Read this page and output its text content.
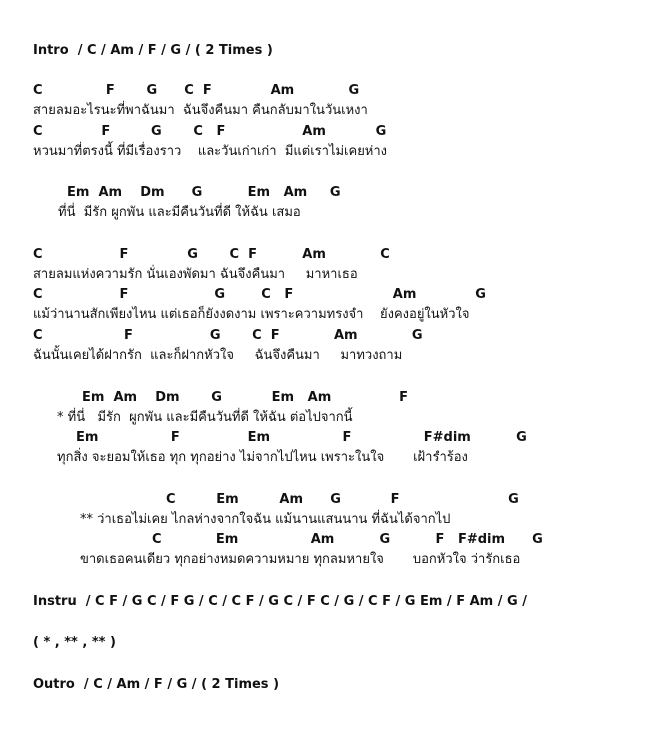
Intro  / C / Am / F / G / ( 2 Times )
C              F       G      C  F             Am            G
สายลมอะไรนะที่พาฉันมา  ฉันจึงคืนมา คืนกลับมาในวันเหงา
C             F         G       C   F                 Am           G
หวนมาที่ตรงนี้ ที่มีเรื่องราว    และวันเก่าเก่า  มีแต่เราไม่เคยห่าง
Em  Am    Dm      G          Em   Am     G
ที่นี่  มีรัก ผูกพัน และมีคืนวันที่ดี ให้ฉัน เสมอ
C                 F             G       C  F          Am            C
สายลมแห่งความรัก นั่นเองพัดมา ฉันจึงคืนมา     มาหาเธอ
C                 F                   G        C   F                      Am             G
แม้ว่านานสักเพียงไหน แต่เธอก็ยังงดงาม เพราะความทรงจำ    ยังคงอยู่ในหัวใจ
C                  F                 G       C  F            Am            G
ฉันนั้นเคยได้ฝากรัก  และก็ฝากหัวใจ     ฉันจึงคืนมา     มาทวงถาม
Em  Am    Dm       G           Em   Am               F
* ที่นี่   มีรัก  ผูกพัน และมีคืนวันที่ดี ให้ฉัน ต่อไปจากนี้
Em                F               Em                F                F#dim          G
ทุกสิ่ง จะยอมให้เธอ ทุก ทุกอย่าง ไม่จากไปไหน เพราะในใจ       เฝ้ารำร้อง
C         Em         Am      G           F                        G
** ว่าเธอไม่เคย ไกลห่างจากใจฉัน แม้นานแสนนาน ที่ฉันได้จากไป
C            Em                Am          G          F   F#dim      G
ขาดเธอคนเดียว ทุกอย่างหมดความหมาย ทุกลมหายใจ       บอกหัวใจ ว่ารักเธอ
Instru  / C F / G C / F G / C / C F / G C / F C / G / C F / G Em / F Am / G /
( * , ** , ** )
Outro  / C / Am / F / G / ( 2 Times )
